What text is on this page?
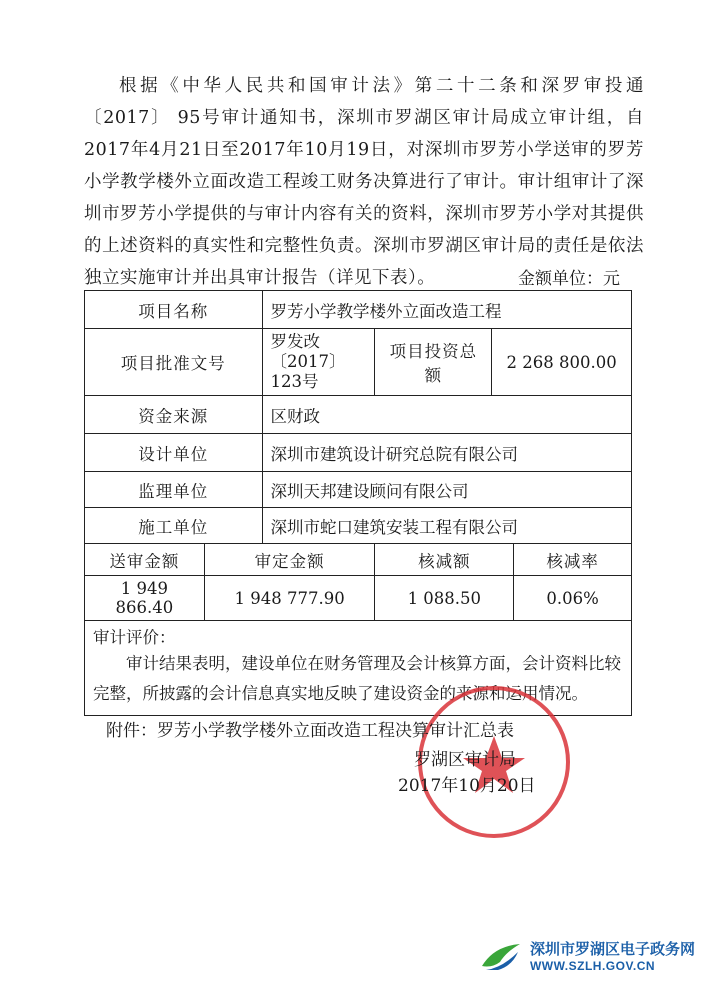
根据《中华人民共和国审计法》第二十二条和深罗审投通〔2017〕 95号审计通知书，深圳市罗湖区审计局成立审计组，自2017年4月21日至2017年10月19日，对深圳市罗芳小学送审的罗芳小学教学楼外立面改造工程竣工财务决算进行了审计。审计组审计了深圳市罗芳小学提供的与审计内容有关的资料，深圳市罗芳小学对其提供的上述资料的真实性和完整性负责。深圳市罗湖区审计局的责任是依法独立实施审计并出具审计报告（详见下表）。	金额单位：元
项目名称		罗芳小学教学楼外立面改造工程			
项目批准文号		罗发改〔2017〕123号	项目投资总额	2 268 800.00	
资金来源		区财政			
设计单位		深圳市建筑设计研究总院有限公司			
监理单位		深圳天邦建设顾问有限公司			
施工单位		深圳市蛇口建筑安装工程有限公司			
送审金额	审定金额		核减额		核减率
1 949 866.40	1 948 777.90		1 088.50		0.06%

审计评价：
审计结果表明，建设单位在财务管理及会计核算方面，会计资料比较完整，所披露的会计信息真实地反映了建设资金的来源和运用情况。					
附件：罗芳小学教学楼外立面改造工程决算审计汇总表
罗湖区审计局
2017年10月20日
深圳市罗湖区电子政务网
WWW.SZLH.GOV.CN
